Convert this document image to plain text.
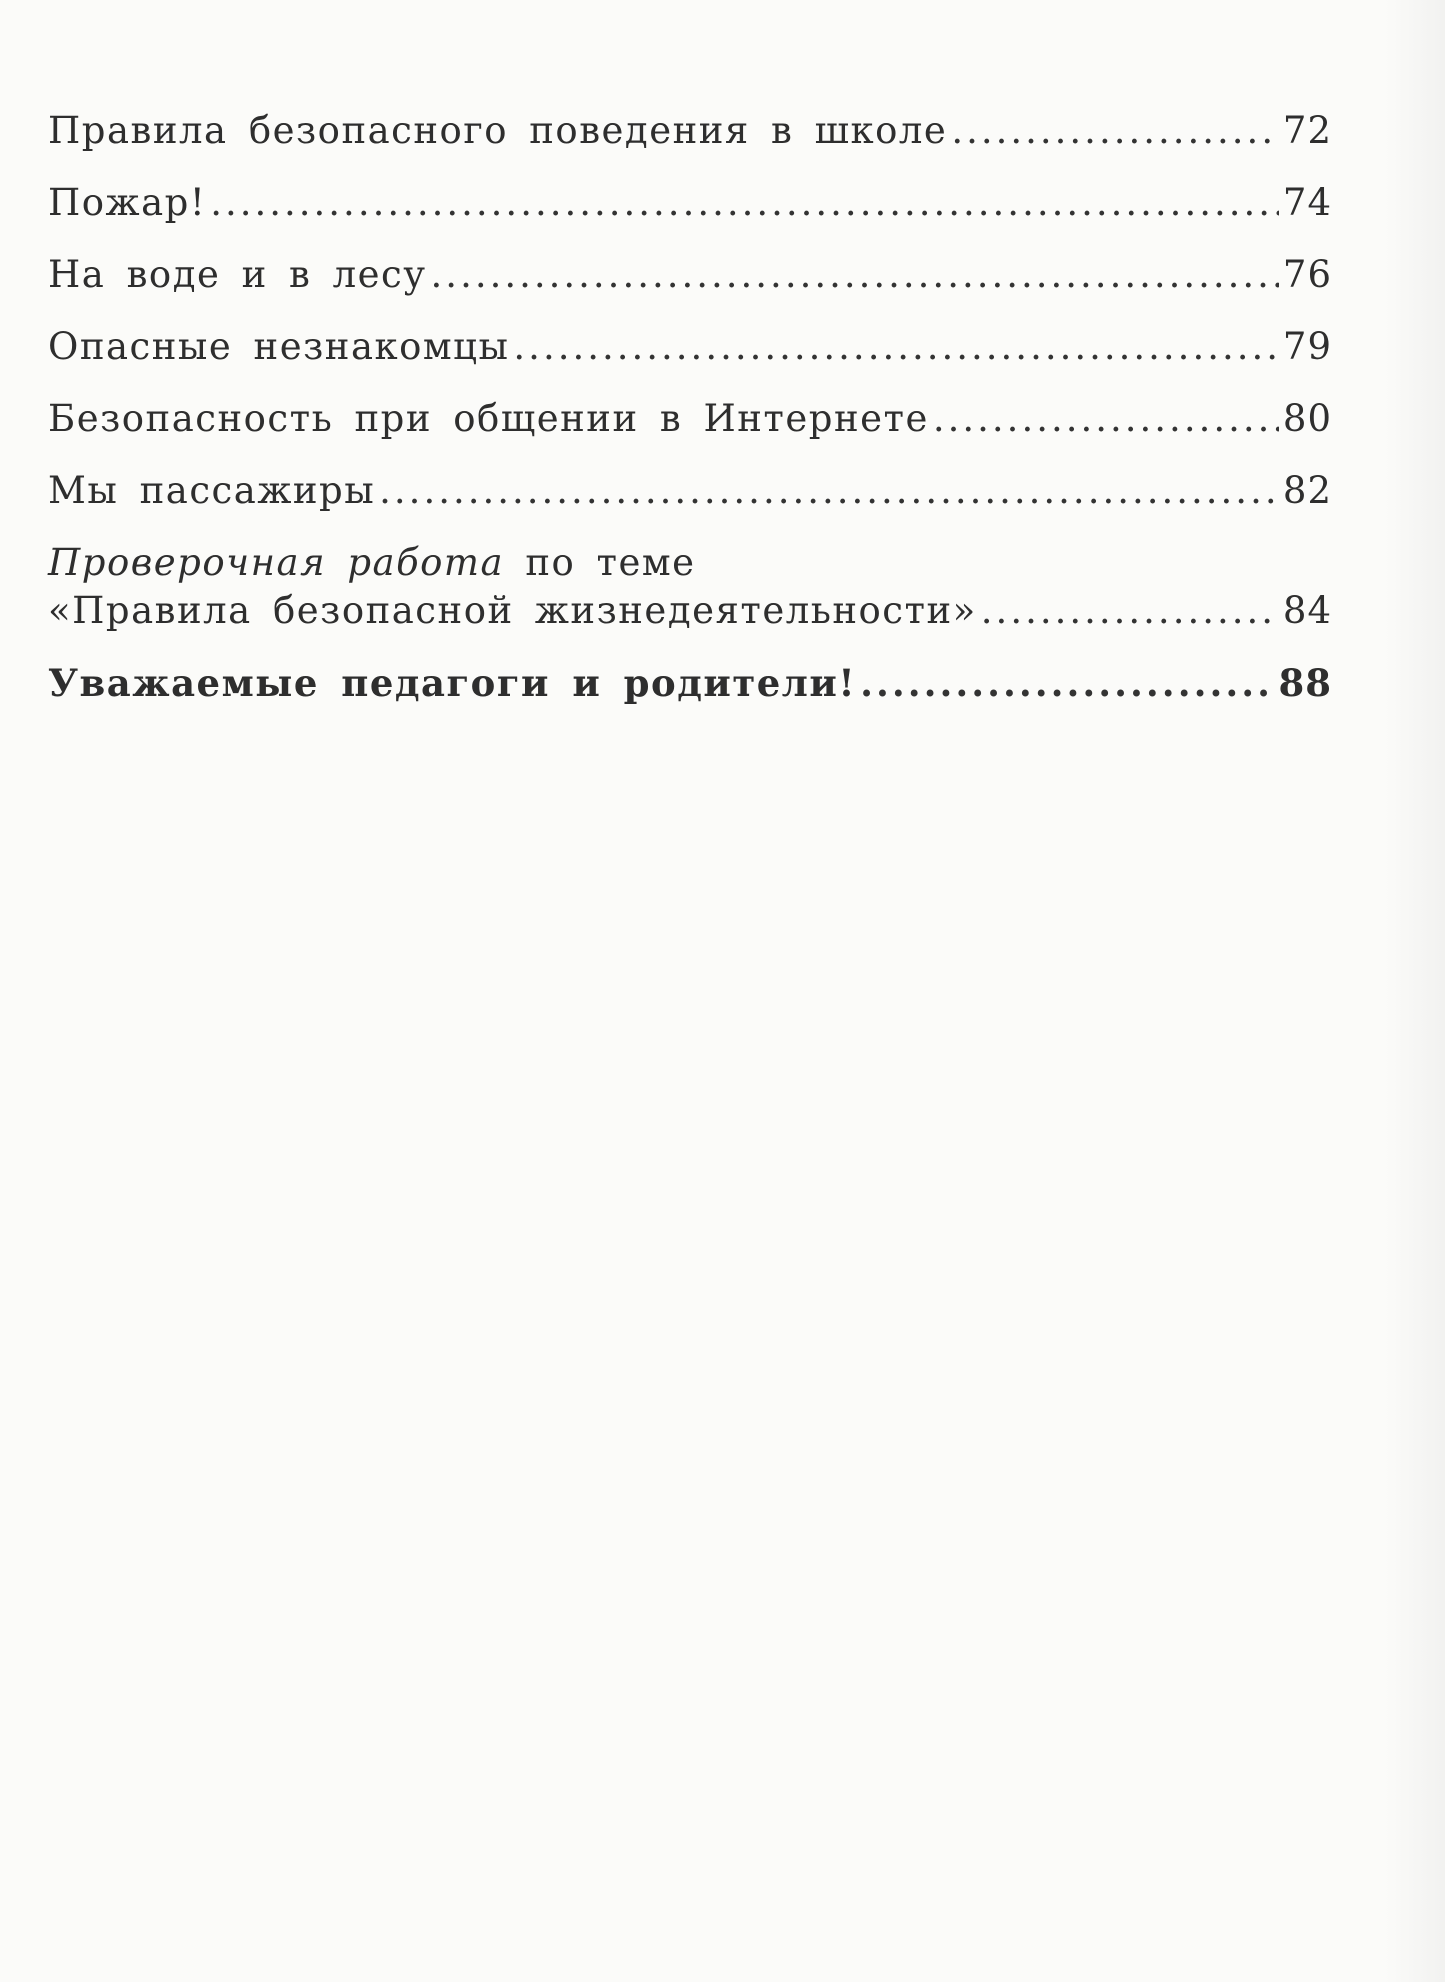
Правила безопасного поведения в школе .....	72
Пожар! .....	74
На воде и в лесу .....	76
Опасные незнакомцы .....	79
Безопасность при общении в Интернете .....	80
Мы пассажиры .....	82
Проверочная работа по теме
«Правила безопасной жизнедеятельности» .....	84
Уважаемые педагоги и родители! .....	88
